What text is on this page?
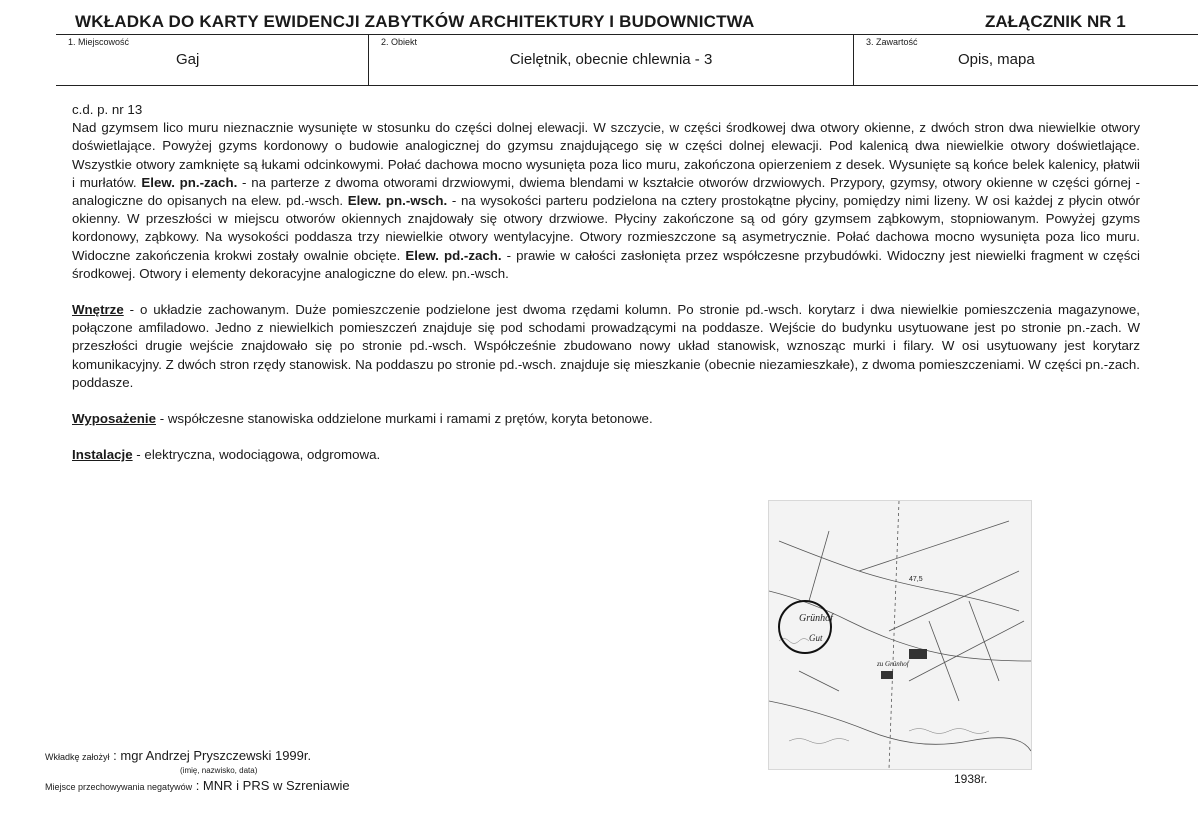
WKŁADKA DO KARTY EWIDENCJI ZABYTKÓW ARCHITEKTURY I BUDOWNICTWA	ZAŁĄCZNIK NR 1
1. Miejscowość
Gaj
2. Obiekt
Cielętnik, obecnie chlewnia - 3
3. Zawartość
Opis, mapa

c.d. p. nr 13

Nad gzymsem lico muru nieznacznie wysunięte w stosunku do części dolnej elewacji. W szczycie, w części środkowej dwa otwory okienne, z dwóch stron dwa niewielkie otwory doświetlające. Powyżej gzyms kordonowy o budowie analogicznej do gzymsu znajdującego się w części dolnej elewacji. Pod kalenicą dwa niewielkie otwory doświetlające. Wszystkie otwory zamknięte są łukami odcinkowymi. Połać dachowa mocno wysunięta poza lico muru, zakończona opierzeniem z desek. Wysunięte są końce belek kalenicy, płatwii i murłatów. Elew. pn.-zach. - na parterze z dwoma otworami drzwiowymi, dwiema blendami w kształcie otworów drzwiowych. Przypory, gzymsy, otwory okienne w części górnej - analogiczne do opisanych na elew. pd.-wsch. Elew. pn.-wsch. - na wysokości parteru podzielona na cztery prostokątne płyciny, pomiędzy nimi lizeny. W osi każdej z płycin otwór okienny. W przeszłości w miejscu otworów okiennych znajdowały się otwory drzwiowe. Płyciny zakończone są od góry gzymsem ząbkowym, stopniowanym. Powyżej gzyms kordonowy, ząbkowy. Na wysokości poddasza trzy niewielkie otwory wentylacyjne. Otwory rozmieszczone są asymetrycznie. Połać dachowa mocno wysunięta poza lico muru. Widoczne zakończenia krokwi zostały owalnie obcięte. Elew. pd.-zach. - prawie w całości zasłonięta przez współczesne przybudówki. Widoczny jest niewielki fragment w części środkowej. Otwory i elementy dekoracyjne analogiczne do elew. pn.-wsch.

Wnętrze - o układzie zachowanym. Duże pomieszczenie podzielone jest dwoma rzędami kolumn. Po stronie pd.-wsch. korytarz i dwa niewielkie pomieszczenia magazynowe, połączone amfiladowo. Jedno z niewielkich pomieszczeń znajduje się pod schodami prowadzącymi na poddasze. Wejście do budynku usytuowane jest po stronie pn.-zach. W przeszłości drugie wejście znajdowało się po stronie pd.-wsch. Współcześnie zbudowano nowy układ stanowisk, wznosząc murki i filary. W osi usytuowany jest korytarz komunikacyjny. Z dwóch stron rzędy stanowisk. Na poddaszu po stronie pd.-wsch. znajduje się mieszkanie (obecnie niezamieszkałe), z dwoma pomieszczeniami. W części pn.-zach. poddasze.

Wyposażenie - współczesne stanowiska oddzielone murkami i ramami z prętów, koryta betonowe.

Instalacje - elektryczna, wodociągowa, odgromowa.

Grünhof
Gut
zu Grünhof
47,5
1938r.
Wkładkę założył : mgr Andrzej Pryszczewski 1999r.
(imię, nazwisko, data)
Miejsce przechowywania negatywów : MNR i PRS w Szreniawie
